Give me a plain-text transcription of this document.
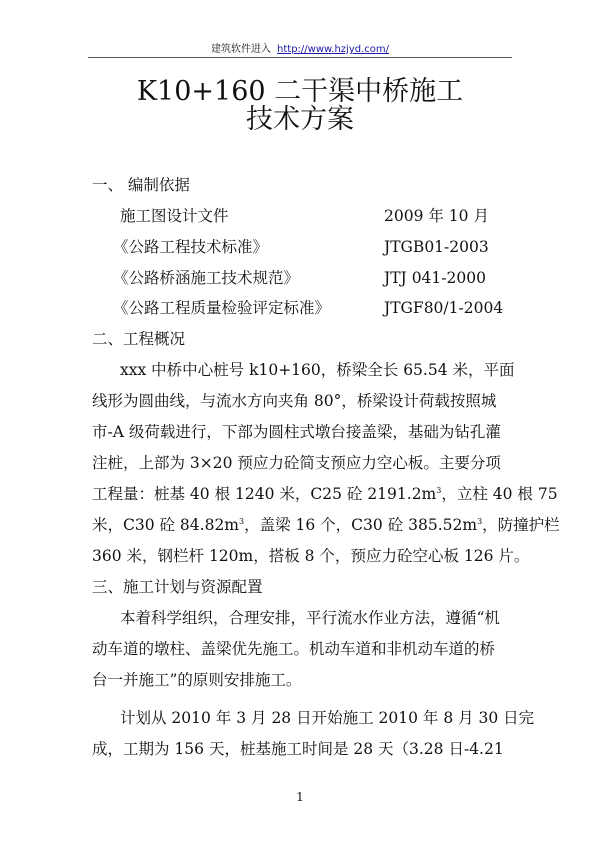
建筑软件进入 http://www.hzjyd.com/
K10+160 二干渠中桥施工
技术方案
一、 编制依据
施工图设计文件	2009 年 10 月
《公路工程技术标准》	JTGB01-2003
《公路桥涵施工技术规范》	JTJ 041-2000
《公路工程质量检验评定标准》	JTGF80/1-2004
二、工程概况
xxx 中桥中心桩号 k10+160，桥梁全长 65.54 米，平面
线形为圆曲线，与流水方向夹角 80°，桥梁设计荷载按照城
市-A 级荷载进行，下部为圆柱式墩台接盖梁，基础为钻孔灌
注桩，上部为 3×20 预应力砼简支预应力空心板。主要分项
工程量：桩基 40 根 1240 米，C25 砼 $2191.2m^3$，立柱 40 根 75
米，C30 砼 $84.82m^3$，盖梁 16 个，C30 砼 $385.52m^3$，防撞护栏
360 米，钢栏杆 120m，搭板 8 个，预应力砼空心板 126 片。
三、施工计划与资源配置
本着科学组织，合理安排，平行流水作业方法，遵循“机
动车道的墩柱、盖梁优先施工。机动车道和非机动车道的桥
台一并施工”的原则安排施工。
计划从 2010 年 3 月 28 日开始施工 2010 年 8 月 30 日完
成，工期为 156 天，桩基施工时间是 28 天（3.28 日-4.21
1
